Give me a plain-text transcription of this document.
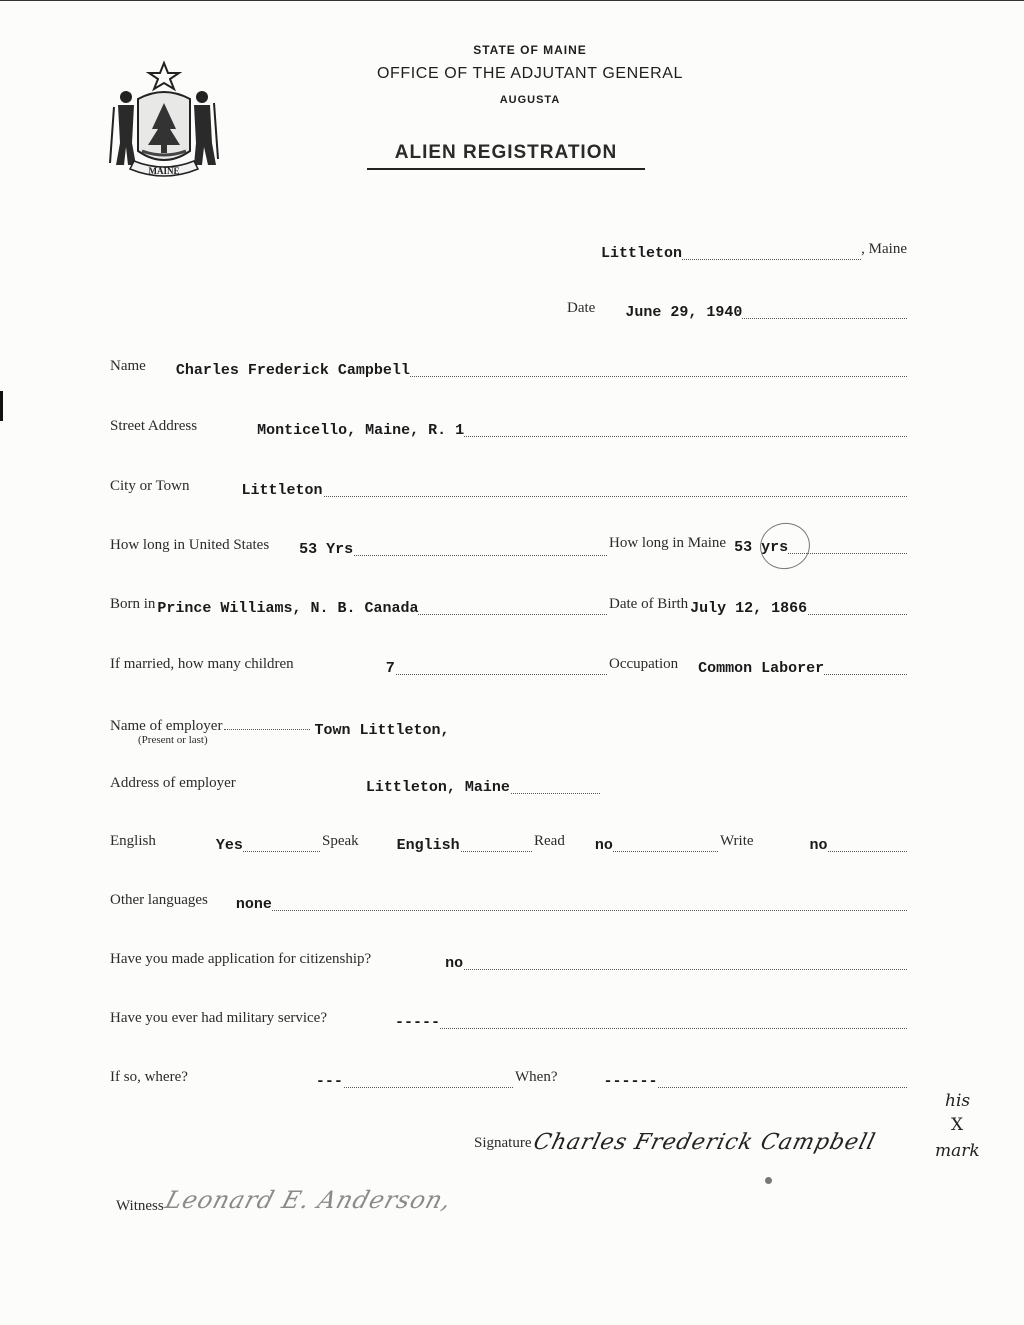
MAINE
STATE OF MAINE
OFFICE OF THE ADJUTANT GENERAL
AUGUSTA
ALIEN REGISTRATION
Littleton	, Maine
Date	June 29, 1940
Name	Charles Frederick Campbell
Street Address	Monticello, Maine, R. 1
City or Town	Littleton
How long in United States	53 Yrs	How long in Maine 53 yrs
Born in Prince Williams, N. B. Canada	Date of Birth July 12, 1866
If married, how many children	7	Occupation	Common Laborer
Name of employer	Town Littleton,
(Present or last)
Address of employer	Littleton, Maine
English	Yes	Speak	English	Read	no	Write	no
Other languages	none
Have you made application for citizenship?	no
Have you ever had military service?	-----
If so, where?	---	When?	------
Signature
Charles Frederick Campbell
his
X
mark
Witness
Leonard E. Anderson,
